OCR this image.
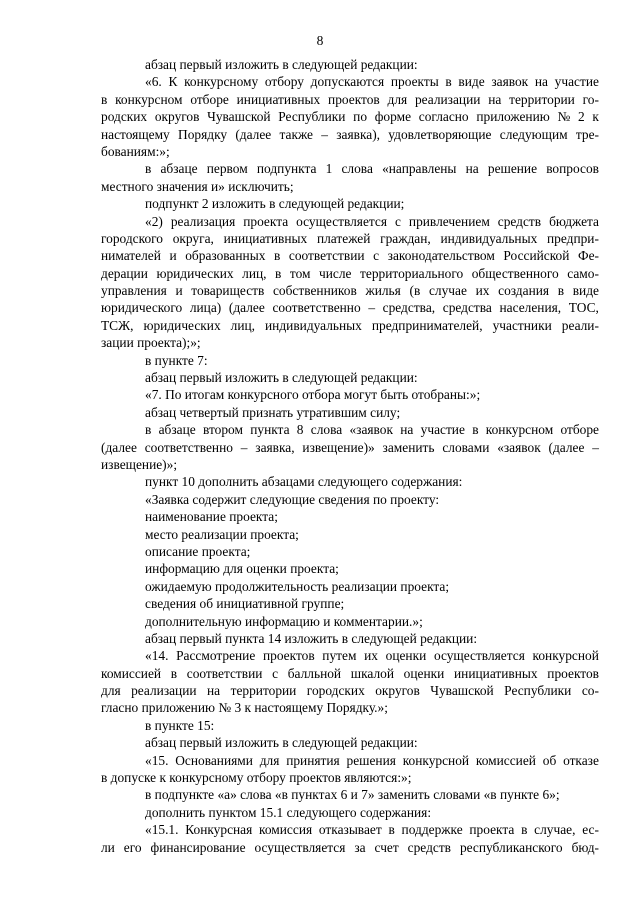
8
абзац первый изложить в следующей редакции:
«6. К конкурсному отбору допускаются проекты в виде заявок на участие
в конкурсном отборе инициативных проектов для реализации на территории го-
родских округов Чувашской Республики по форме согласно приложению № 2 к
настоящему Порядку (далее также – заявка), удовлетворяющие следующим тре-
бованиям:»;
в абзаце первом подпункта 1 слова «направлены на решение вопросов
местного значения и» исключить;
подпункт 2 изложить в следующей редакции;
«2) реализация проекта осуществляется с привлечением средств бюджета
городского округа, инициативных платежей граждан, индивидуальных предпри-
нимателей и образованных в соответствии с законодательством Российской Фе-
дерации юридических лиц, в том числе территориального общественного само-
управления и товариществ собственников жилья (в случае их создания в виде
юридического лица) (далее соответственно – средства, средства населения, ТОС,
ТСЖ, юридических лиц, индивидуальных предпринимателей, участники реали-
зации проекта);»;
в пункте 7:
абзац первый изложить в следующей редакции:
«7. По итогам конкурсного отбора могут быть отобраны:»;
абзац четвертый признать утратившим силу;
в абзаце втором пункта 8 слова «заявок на участие в конкурсном отборе
(далее соответственно – заявка, извещение)» заменить словами «заявок (далее –
извещение)»;
пункт 10 дополнить абзацами следующего содержания:
«Заявка содержит следующие сведения по проекту:
наименование проекта;
место реализации проекта;
описание проекта;
информацию для оценки проекта;
ожидаемую продолжительность реализации проекта;
сведения об инициативной группе;
дополнительную информацию и комментарии.»;
абзац первый пункта 14 изложить в следующей редакции:
«14. Рассмотрение проектов путем их оценки осуществляется конкурсной
комиссией в соответствии с балльной шкалой оценки инициативных проектов
для реализации на территории городских округов Чувашской Республики со-
гласно приложению № 3 к настоящему Порядку.»;
в пункте 15:
абзац первый изложить в следующей редакции:
«15. Основаниями для принятия решения конкурсной комиссией об отказе
в допуске к конкурсному отбору проектов являются:»;
в подпункте «а» слова «в пунктах 6 и 7» заменить словами «в пункте 6»;
дополнить пунктом 15.1 следующего содержания:
«15.1. Конкурсная комиссия отказывает в поддержке проекта в случае, ес-
ли его финансирование осуществляется за счет средств республиканского бюд-
